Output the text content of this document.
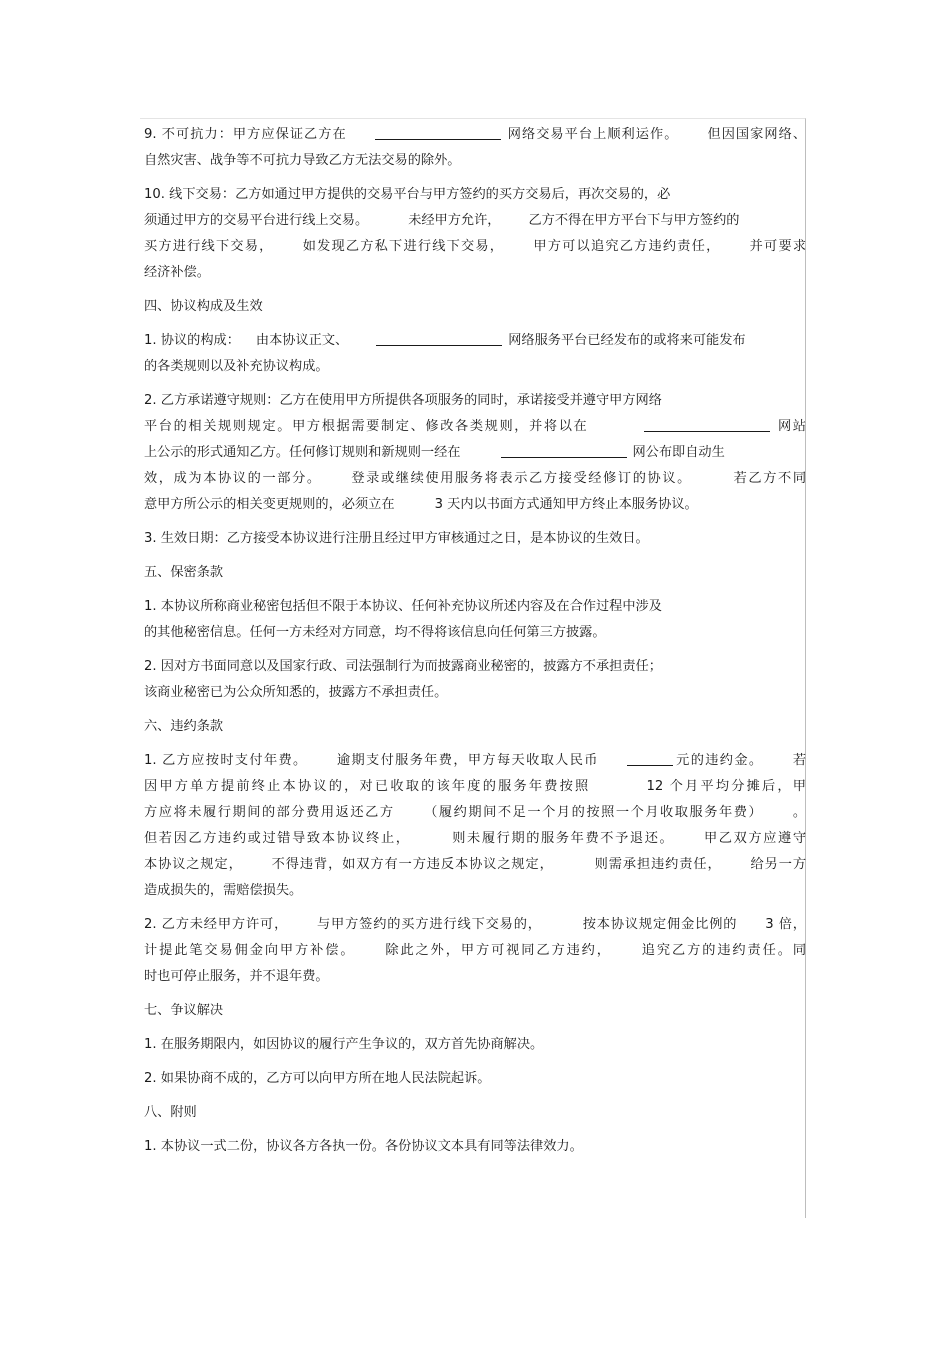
9. 不可抗力：甲方应保证乙方在	网络交易平台上顺利运作。 但因国家网络、
自然灾害、战争等不可抗力导致乙方无法交易的除外。
10. 线下交易：乙方如通过甲方提供的交易平台与甲方签约的买方交易后，再次交易的，必
须通过甲方的交易平台进行线上交易。	未经甲方允许， 乙方不得在甲方平台下与甲方签约的
买方进行线下交易， 如发现乙方私下进行线下交易， 甲方可以追究乙方违约责任， 并可要求
经济补偿。
四、协议构成及生效
1. 协议的构成： 由本协议正文、	网络服务平台已经发布的或将来可能发布
的各类规则以及补充协议构成。
2. 乙方承诺遵守规则：乙方在使用甲方所提供各项服务的同时，承诺接受并遵守甲方网络
平台的相关规则规定。甲方根据需要制定、修改各类规则，并将以在	网站
上公示的形式通知乙方。任何修订规则和新规则一经在	网公布即自动生
效，成为本协议的一部分。 登录或继续使用服务将表示乙方接受经修订的协议。	若乙方不同
意甲方所公示的相关变更规则的，必须立在	3 天内以书面方式通知甲方终止本服务协议。
3. 生效日期：乙方接受本协议进行注册且经过甲方审核通过之日，是本协议的生效日。
五、保密条款
1. 本协议所称商业秘密包括但不限于本协议、任何补充协议所述内容及在合作过程中涉及
的其他秘密信息。任何一方未经对方同意，均不得将该信息向任何第三方披露。
2. 因对方书面同意以及国家行政、司法强制行为而披露商业秘密的，披露方不承担责任；
该商业秘密已为公众所知悉的，披露方不承担责任。
六、违约条款
1. 乙方应按时支付年费。 逾期支付服务年费，甲方每天收取人民币	元的违约金。 若
因甲方单方提前终止本协议的，对已收取的该年度的服务年费按照	12 个月平均分摊后，甲
方应将未履行期间的部分费用返还乙方 （履约期间不足一个月的按照一个月收取服务年费） 。
但若因乙方违约或过错导致本协议终止，	则未履行期的服务年费不予退还。 甲乙双方应遵守
本协议之规定， 不得违背，如双方有一方违反本协议之规定，	则需承担违约责任， 给另一方
造成损失的，需赔偿损失。
2. 乙方未经甲方许可， 与甲方签约的买方进行线下交易的，	按本协议规定佣金比例的 3 倍，
计提此笔交易佣金向甲方补偿。 除此之外，甲方可视同乙方违约， 追究乙方的违约责任。同
时也可停止服务，并不退年费。
七、争议解决
1. 在服务期限内，如因协议的履行产生争议的，双方首先协商解决。
2. 如果协商不成的，乙方可以向甲方所在地人民法院起诉。
八、附则
1. 本协议一式二份，协议各方各执一份。各份协议文本具有同等法律效力。
